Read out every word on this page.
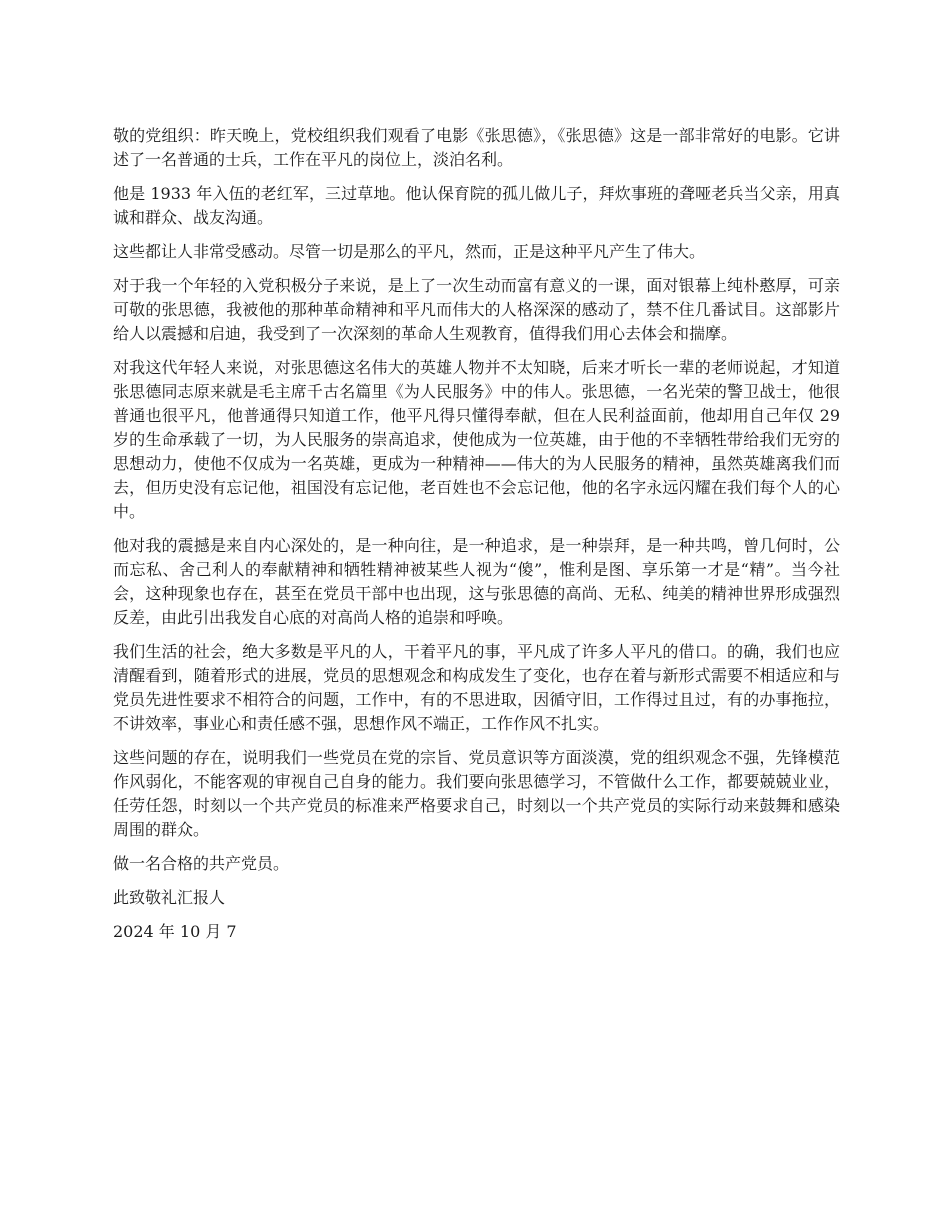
敬的党组织：昨天晚上，党校组织我们观看了电影《张思德》，《张思德》这是一部非常好的电影。它讲述了一名普通的士兵，工作在平凡的岗位上，淡泊名利。

他是 1933 年入伍的老红军，三过草地。他认保育院的孤儿做儿子，拜炊事班的聋哑老兵当父亲，用真诚和群众、战友沟通。

这些都让人非常受感动。尽管一切是那么的平凡，然而，正是这种平凡产生了伟大。

对于我一个年轻的入党积极分子来说，是上了一次生动而富有意义的一课，面对银幕上纯朴憨厚，可亲可敬的张思德，我被他的那种革命精神和平凡而伟大的人格深深的感动了，禁不住几番试目。这部影片给人以震撼和启迪，我受到了一次深刻的革命人生观教育，值得我们用心去体会和揣摩。

对我这代年轻人来说，对张思德这名伟大的英雄人物并不太知晓，后来才听长一辈的老师说起，才知道张思德同志原来就是毛主席千古名篇里《为人民服务》中的伟人。张思德，一名光荣的警卫战士，他很普通也很平凡，他普通得只知道工作，他平凡得只懂得奉献，但在人民利益面前，他却用自己年仅 29 岁的生命承载了一切，为人民服务的崇高追求，使他成为一位英雄，由于他的不幸牺牲带给我们无穷的思想动力，使他不仅成为一名英雄，更成为一种精神——伟大的为人民服务的精神，虽然英雄离我们而去，但历史没有忘记他，祖国没有忘记他，老百姓也不会忘记他，他的名字永远闪耀在我们每个人的心中。

他对我的震撼是来自内心深处的，是一种向往，是一种追求，是一种崇拜，是一种共鸣，曾几何时，公而忘私、舍己利人的奉献精神和牺牲精神被某些人视为“傻”，惟利是图、享乐第一才是“精”。当今社会，这种现象也存在，甚至在党员干部中也出现，这与张思德的高尚、无私、纯美的精神世界形成强烈反差，由此引出我发自心底的对高尚人格的追崇和呼唤。

我们生活的社会，绝大多数是平凡的人，干着平凡的事，平凡成了许多人平凡的借口。的确，我们也应清醒看到，随着形式的进展，党员的思想观念和构成发生了变化，也存在着与新形式需要不相适应和与党员先进性要求不相符合的问题，工作中，有的不思进取，因循守旧，工作得过且过，有的办事拖拉，不讲效率，事业心和责任感不强，思想作风不端正，工作作风不扎实。

这些问题的存在，说明我们一些党员在党的宗旨、党员意识等方面淡漠，党的组织观念不强，先锋模范作风弱化，不能客观的审视自己自身的能力。我们要向张思德学习，不管做什么工作，都要兢兢业业，任劳任怨，时刻以一个共产党员的标准来严格要求自己，时刻以一个共产党员的实际行动来鼓舞和感染周围的群众。

做一名合格的共产党员。

此致敬礼汇报人

2024 年 10 月 7
